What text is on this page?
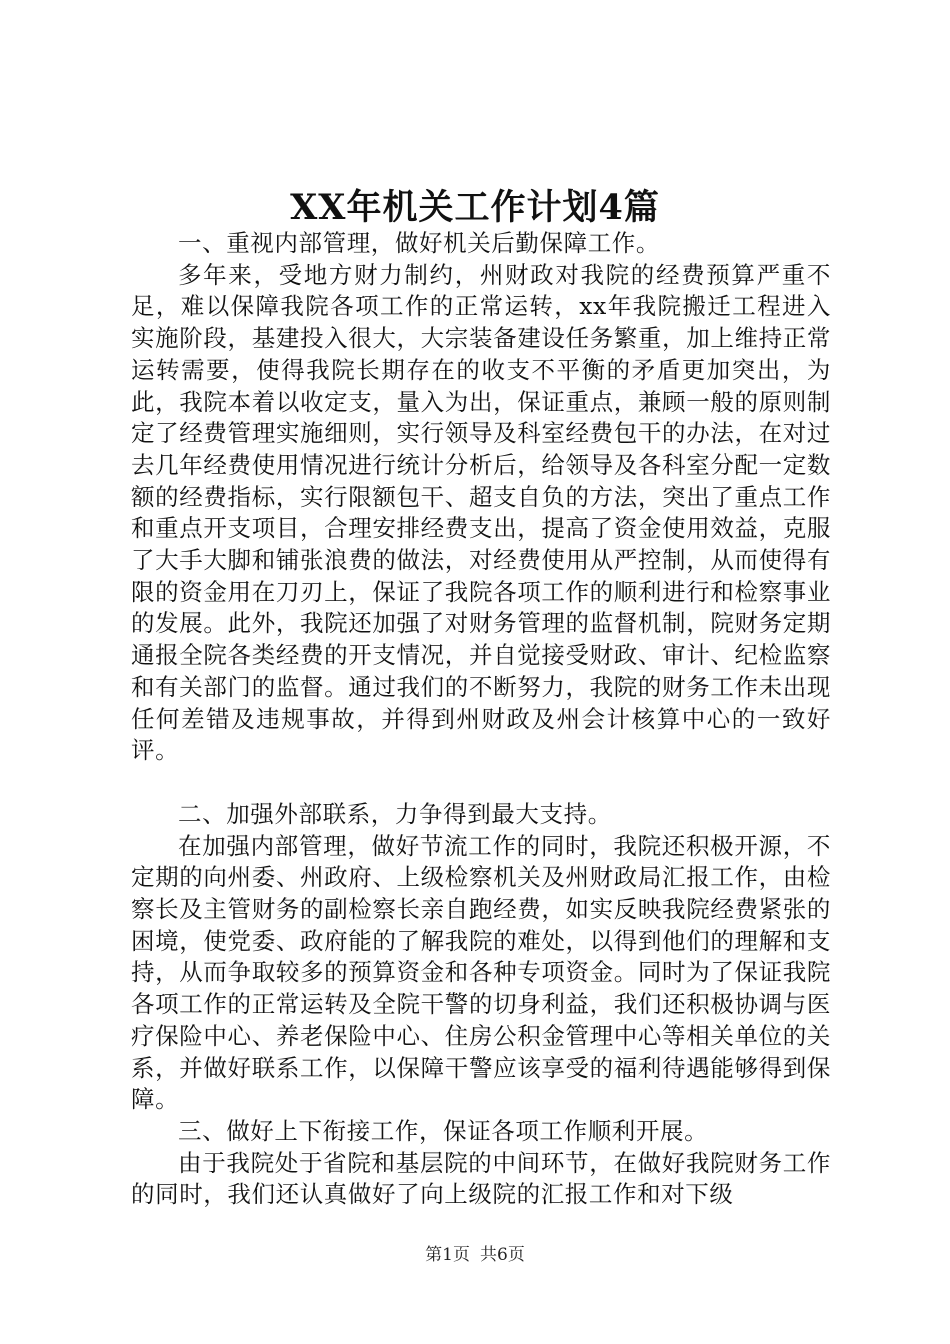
XX年机关工作计划4篇

一、重视内部管理，做好机关后勤保障工作。

多年来，受地方财力制约，州财政对我院的经费预算严重不足，难以保障我院各项工作的正常运转，xx年我院搬迁工程进入实施阶段，基建投入很大，大宗装备建设任务繁重，加上维持正常运转需要，使得我院长期存在的收支不平衡的矛盾更加突出，为此，我院本着以收定支，量入为出，保证重点，兼顾一般的原则制定了经费管理实施细则，实行领导及科室经费包干的办法，在对过去几年经费使用情况进行统计分析后，给领导及各科室分配一定数额的经费指标，实行限额包干、超支自负的方法，突出了重点工作和重点开支项目，合理安排经费支出，提高了资金使用效益，克服了大手大脚和铺张浪费的做法，对经费使用从严控制，从而使得有限的资金用在刀刃上，保证了我院各项工作的顺利进行和检察事业的发展。此外，我院还加强了对财务管理的监督机制，院财务定期通报全院各类经费的开支情况，并自觉接受财政、审计、纪检监察和有关部门的监督。通过我们的不断努力，我院的财务工作未出现任何差错及违规事故，并得到州财政及州会计核算中心的一致好评。

二、加强外部联系，力争得到最大支持。

在加强内部管理，做好节流工作的同时，我院还积极开源，不定期的向州委、州政府、上级检察机关及州财政局汇报工作，由检察长及主管财务的副检察长亲自跑经费，如实反映我院经费紧张的困境，使党委、政府能的了解我院的难处，以得到他们的理解和支持，从而争取较多的预算资金和各种专项资金。同时为了保证我院各项工作的正常运转及全院干警的切身利益，我们还积极协调与医疗保险中心、养老保险中心、住房公积金管理中心等相关单位的关系，并做好联系工作，以保障干警应该享受的福利待遇能够得到保障。

三、做好上下衔接工作，保证各项工作顺利开展。

由于我院处于省院和基层院的中间环节，在做好我院财务工作的同时，我们还认真做好了向上级院的汇报工作和对下级

第1页 共6页
